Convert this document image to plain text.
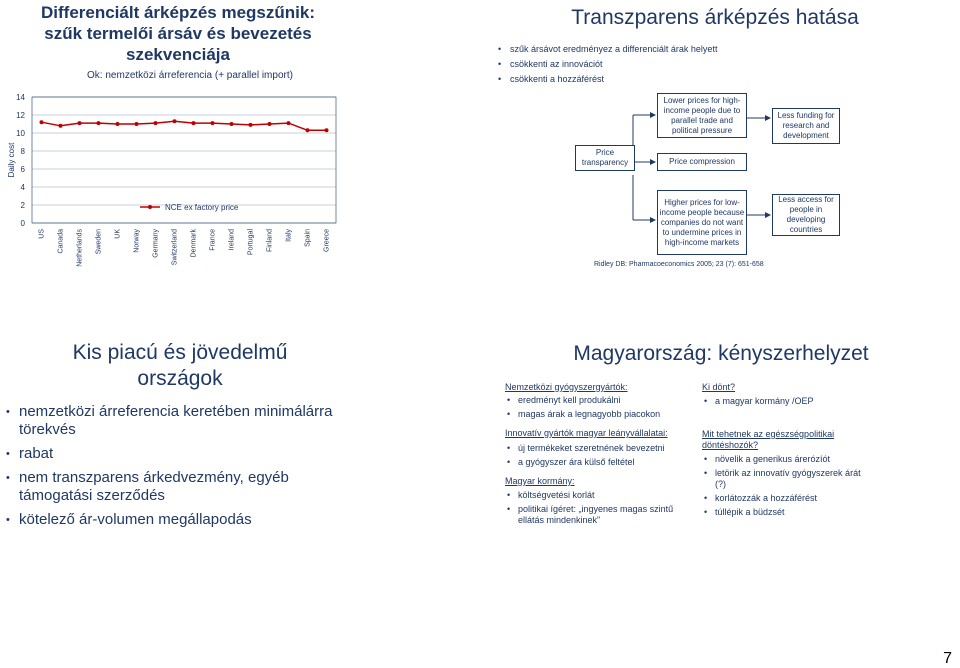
Differenciált árképzés megszűnik:
szűk termelői ársáv és bevezetés
szekvenciája
Ok: nemzetközi árreferencia (+ parallel import)
0
2
4
6
8
10
12
14
Daily cost
US Canada Netherlands Sweden UK Norway Germany Switzerland Denmark France Ireland Portugal Finland Italy Spain Greece
NCE ex factory price
Transzparens árképzés hatása
• szűk ársávot eredményez a differenciált árak helyett
• csökkenti az innovációt
• csökkenti a hozzáférést
Price transparency
Lower prices for high-income people due to parallel trade and political pressure
Price compression
Less funding for research and development
Higher prices for low-income people because companies do not want to undermine prices in high-income markets
Less access for people in developing countries
Ridley DB: Pharmacoeconomics 2005; 23 (7): 651-658
Kis piacú és jövedelmű
országok
• nemzetközi árreferencia keretében minimálárra törekvés
• rabat
• nem transzparens árkedvezmény, egyéb támogatási szerződés
• kötelező ár-volumen megállapodás
Magyarország: kényszerhelyzet
Nemzetközi gyógyszergyártók:
• eredményt kell produkálni
• magas árak a legnagyobb piacokon
Innovatív gyártók magyar leányvállalatai:
• új termékeket szeretnének bevezetni
• a gyógyszer ára külső feltétel
Magyar kormány:
• költségvetési korlát
• politikai ígéret: „ingyenes magas szintű ellátás mindenkinek”
Ki dönt?
• a magyar kormány /OEP
Mit tehetnek az egészségpolitikai döntéshozók?
• növelik a generikus árerózíót
• letörik az innovatív gyógyszerek árát (?)
• korlátozzák a hozzáférést
• túllépik a büdzsét
7
